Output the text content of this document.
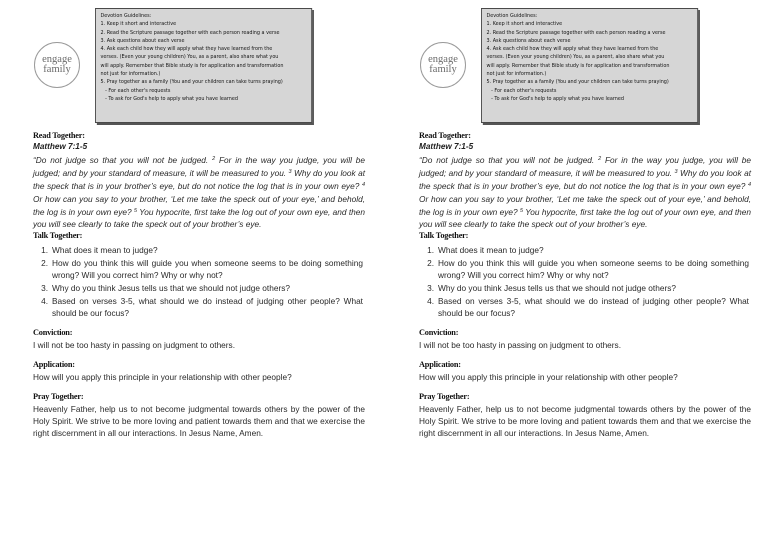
engage
family
Devotion Guidelines:
1. Keep it short and interactive
2. Read the Scripture passage together with each person reading a verse
3. Ask questions about each verse
4. Ask each child how they will apply what they have learned from the
verses. (Even your young children) You, as a parent, also share what you
will apply. Remember that Bible study is for application and transformation
not just for information.)
5. Pray together as a family (You and your children can take turns praying)
- For each other's requests
- To ask for God's help to apply what you have learned
Read Together:
Matthew 7:1-5
“Do not judge so that you will not be judged. $^2$ For in the way you judge, you will be judged; and by your standard of measure, it will be measured to you. $^3$ Why do you look at the speck that is in your brother’s eye, but do not notice the log that is in your own eye? $^4$ Or how can you say to your brother, ‘Let me take the speck out of your eye,’ and behold, the log is in your own eye? $^5$ You hypocrite, first take the log out of your own eye, and then you will see clearly to take the speck out of your brother’s eye.
Talk Together:
1. What does it mean to judge?
2. How do you think this will guide you when someone seems to be doing something wrong? Will you correct him? Why or why not?
3. Why do you think Jesus tells us that we should not judge others?
4. Based on verses 3-5, what should we do instead of judging other people? What should be our focus?
Conviction:
I will not be too hasty in passing on judgment to others.
Application:
How will you apply this principle in your relationship with other people?
Pray Together:
Heavenly Father, help us to not become judgmental towards others by the power of the Holy Spirit. We strive to be more loving and patient towards them and that we exercise the right discernment in all our interactions. In Jesus Name, Amen.
engage
family
Devotion Guidelines:
1. Keep it short and interactive
2. Read the Scripture passage together with each person reading a verse
3. Ask questions about each verse
4. Ask each child how they will apply what they have learned from the
verses. (Even your young children) You, as a parent, also share what you
will apply. Remember that Bible study is for application and transformation
not just for information.)
5. Pray together as a family (You and your children can take turns praying)
- For each other's requests
- To ask for God's help to apply what you have learned
Read Together:
Matthew 7:1-5
“Do not judge so that you will not be judged. $^2$ For in the way you judge, you will be judged; and by your standard of measure, it will be measured to you. $^3$ Why do you look at the speck that is in your brother’s eye, but do not notice the log that is in your own eye? $^4$ Or how can you say to your brother, ‘Let me take the speck out of your eye,’ and behold, the log is in your own eye? $^5$ You hypocrite, first take the log out of your own eye, and then you will see clearly to take the speck out of your brother’s eye.
Talk Together:
1. What does it mean to judge?
2. How do you think this will guide you when someone seems to be doing something wrong? Will you correct him? Why or why not?
3. Why do you think Jesus tells us that we should not judge others?
4. Based on verses 3-5, what should we do instead of judging other people? What should be our focus?
Conviction:
I will not be too hasty in passing on judgment to others.
Application:
How will you apply this principle in your relationship with other people?
Pray Together:
Heavenly Father, help us to not become judgmental towards others by the power of the Holy Spirit. We strive to be more loving and patient towards them and that we exercise the right discernment in all our interactions. In Jesus Name, Amen.
